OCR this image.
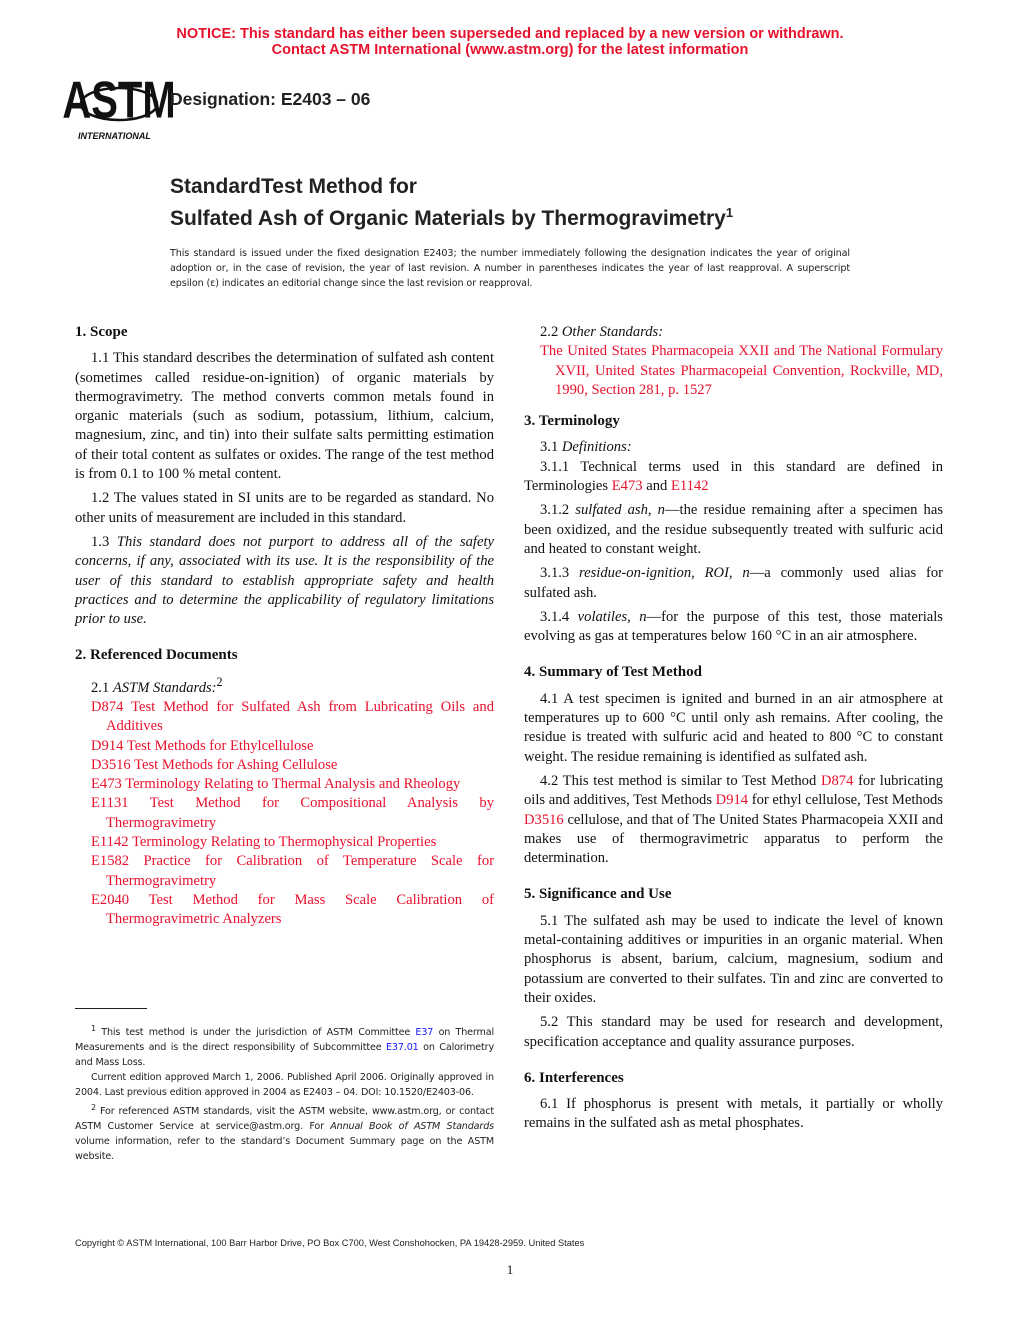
NOTICE: This standard has either been superseded and replaced by a new version or withdrawn.
Contact ASTM International (www.astm.org) for the latest information
ASTM
INTERNATIONAL
Designation: E2403 – 06
StandardTest Method for
Sulfated Ash of Organic Materials by Thermogravimetry$^1$
This standard is issued under the fixed designation E2403; the number immediately following the designation indicates the year of original adoption or, in the case of revision, the year of last revision. A number in parentheses indicates the year of last reapproval. A superscript epsilon (ε) indicates an editorial change since the last revision or reapproval.
1. Scope
1.1 This standard describes the determination of sulfated ash content (sometimes called residue-on-ignition) of organic materials by thermogravimetry. The method converts common metals found in organic materials (such as sodium, potassium, lithium, calcium, magnesium, zinc, and tin) into their sulfate salts permitting estimation of their total content as sulfates or oxides. The range of the test method is from 0.1 to 100 % metal content.
1.2 The values stated in SI units are to be regarded as standard. No other units of measurement are included in this standard.
1.3 This standard does not purport to address all of the safety concerns, if any, associated with its use. It is the responsibility of the user of this standard to establish appropriate safety and health practices and to determine the applicability of regulatory limitations prior to use.
2. Referenced Documents
2.1 ASTM Standards:$^2$
D874 Test Method for Sulfated Ash from Lubricating Oils and Additives
D914 Test Methods for Ethylcellulose
D3516 Test Methods for Ashing Cellulose
E473 Terminology Relating to Thermal Analysis and Rheology
E1131 Test Method for Compositional Analysis by Thermogravimetry
E1142 Terminology Relating to Thermophysical Properties
E1582 Practice for Calibration of Temperature Scale for Thermogravimetry
E2040 Test Method for Mass Scale Calibration of Thermogravimetric Analyzers
2.2 Other Standards:
The United States Pharmacopeia XXII and The National Formulary XVII, United States Pharmacopeial Convention, Rockville, MD, 1990, Section 281, p. 1527
3. Terminology
3.1 Definitions:
3.1.1 Technical terms used in this standard are defined in Terminologies E473 and E1142
3.1.2 sulfated ash, n—the residue remaining after a specimen has been oxidized, and the residue subsequently treated with sulfuric acid and heated to constant weight.
3.1.3 residue-on-ignition, ROI, n—a commonly used alias for sulfated ash.
3.1.4 volatiles, n—for the purpose of this test, those materials evolving as gas at temperatures below 160 °C in an air atmosphere.
4. Summary of Test Method
4.1 A test specimen is ignited and burned in an air atmosphere at temperatures up to 600 °C until only ash remains. After cooling, the residue is treated with sulfuric acid and heated to 800 °C to constant weight. The residue remaining is identified as sulfated ash.
4.2 This test method is similar to Test Method D874 for lubricating oils and additives, Test Methods D914 for ethyl cellulose, Test Methods D3516 cellulose, and that of The United States Pharmacopeia XXII and makes use of thermogravimetric apparatus to perform the determination.
5. Significance and Use
5.1 The sulfated ash may be used to indicate the level of known metal-containing additives or impurities in an organic material. When phosphorus is absent, barium, calcium, magnesium, sodium and potassium are converted to their sulfates. Tin and zinc are converted to their oxides.
5.2 This standard may be used for research and development, specification acceptance and quality assurance purposes.
6. Interferences
6.1 If phosphorus is present with metals, it partially or wholly remains in the sulfated ash as metal phosphates.

$^1$ This test method is under the jurisdiction of ASTM Committee E37 on Thermal Measurements and is the direct responsibility of Subcommittee E37.01 on Calorimetry and Mass Loss.

Current edition approved March 1, 2006. Published April 2006. Originally approved in 2004. Last previous edition approved in 2004 as E2403 – 04. DOI: 10.1520/E2403-06.

$^2$ For referenced ASTM standards, visit the ASTM website, www.astm.org, or contact ASTM Customer Service at service@astm.org. For Annual Book of ASTM Standards volume information, refer to the standard’s Document Summary page on the ASTM website.

Copyright © ASTM International, 100 Barr Harbor Drive, PO Box C700, West Conshohocken, PA 19428-2959. United States
1
